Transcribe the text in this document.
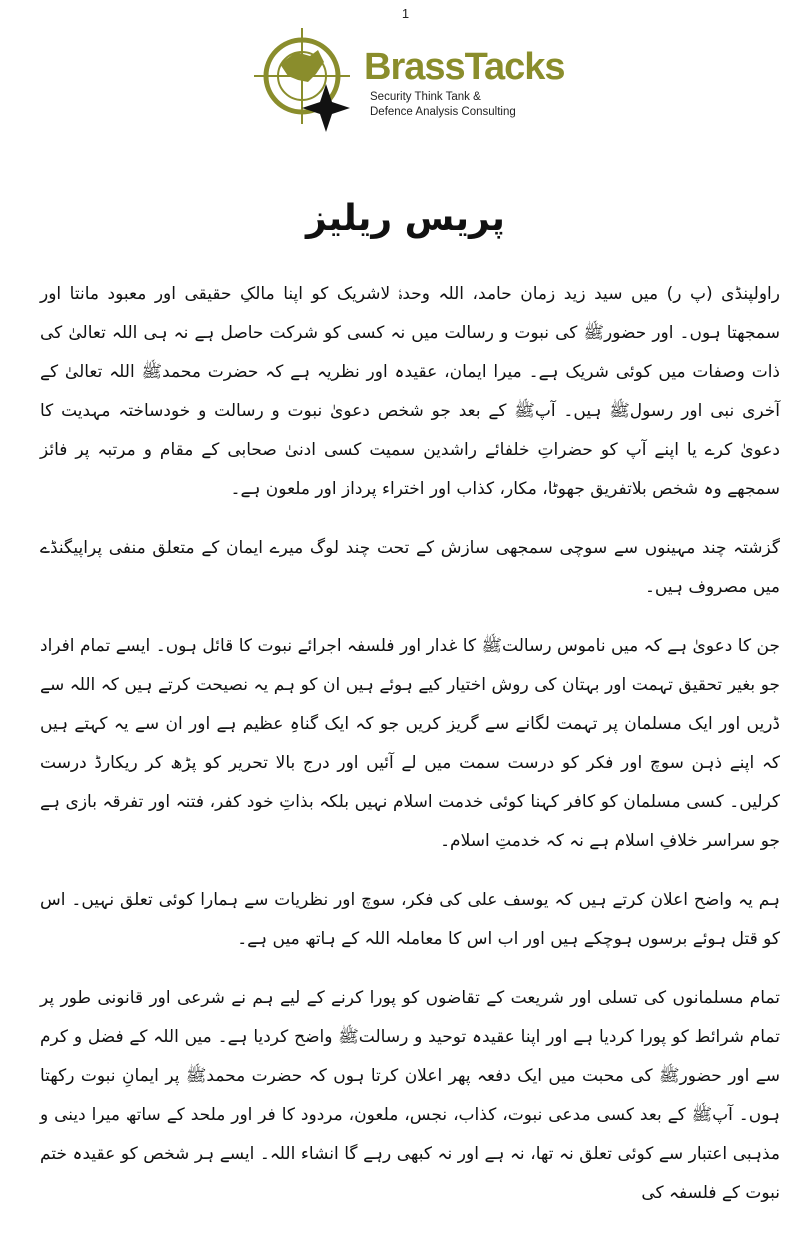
1
BrassTacks
Security Think Tank &
Defence Analysis Consulting
پریس ریلیز

راولپنڈی (پ ر) میں سید زید زمان حامد، اللہ وحدہٗ لاشریک کو اپنا مالکِ حقیقی اور معبود مانتا اور سمجھتا ہوں۔ اور حضورﷺ کی نبوت و رسالت میں نہ کسی کو شرکت حاصل ہے نہ ہی اللہ تعالیٰ کی ذات وصفات میں کوئی شریک ہے۔ میرا ایمان، عقیدہ اور نظریہ ہے کہ حضرت محمدﷺ اللہ تعالیٰ کے آخری نبی اور رسولﷺ ہیں۔ آپﷺ کے بعد جو شخص دعویٰ نبوت و رسالت و خودساختہ مہدیت کا دعویٰ کرے یا اپنے آپ کو حضراتِ خلفائے راشدین سمیت کسی ادنیٰ صحابی کے مقام و مرتبہ پر فائز سمجھے وہ شخص بلاتفریق جھوٹا، مکار، کذاب اور اختراء پرداز اور ملعون ہے۔

گزشتہ چند مہینوں سے سوچی سمجھی سازش کے تحت چند لوگ میرے ایمان کے متعلق منفی پراپیگنڈے میں مصروف ہیں۔

جن کا دعویٰ ہے کہ میں ناموس رسالتﷺ کا غدار اور فلسفہ اجرائے نبوت کا قائل ہوں۔ ایسے تمام افراد جو بغیر تحقیق تہمت اور بہتان کی روش اختیار کیے ہوئے ہیں ان کو ہم یہ نصیحت کرتے ہیں کہ اللہ سے ڈریں اور ایک مسلمان پر تہمت لگانے سے گریز کریں جو کہ ایک گناہِ عظیم ہے اور ان سے یہ کہتے ہیں کہ اپنے ذہن سوچ اور فکر کو درست سمت میں لے آئیں اور درج بالا تحریر کو پڑھ کر ریکارڈ درست کرلیں۔ کسی مسلمان کو کافر کہنا کوئی خدمت اسلام نہیں بلکہ بذاتِ خود کفر، فتنہ اور تفرقہ بازی ہے جو سراسر خلافِ اسلام ہے نہ کہ خدمتِ اسلام۔

ہم یہ واضح اعلان کرتے ہیں کہ یوسف علی کی فکر، سوچ اور نظریات سے ہمارا کوئی تعلق نہیں۔ اس کو قتل ہوئے برسوں ہوچکے ہیں اور اب اس کا معاملہ اللہ کے ہاتھ میں ہے۔

تمام مسلمانوں کی تسلی اور شریعت کے تقاضوں کو پورا کرنے کے لیے ہم نے شرعی اور قانونی طور پر تمام شرائط کو پورا کردیا ہے اور اپنا عقیدہ توحید و رسالتﷺ واضح کردیا ہے۔ میں اللہ کے فضل و کرم سے اور حضورﷺ کی محبت میں ایک دفعہ پھر اعلان کرتا ہوں کہ حضرت محمدﷺ پر ایمانِ نبوت رکھتا ہوں۔ آپﷺ کے بعد کسی مدعی نبوت، کذاب، نجس، ملعون، مردود کا فر اور ملحد کے ساتھ میرا دینی و مذہبی اعتبار سے کوئی تعلق نہ تھا، نہ ہے اور نہ کبھی رہے گا انشاء اللہ۔ ایسے ہر شخص کو عقیدہ ختم نبوت کے فلسفہ کی
